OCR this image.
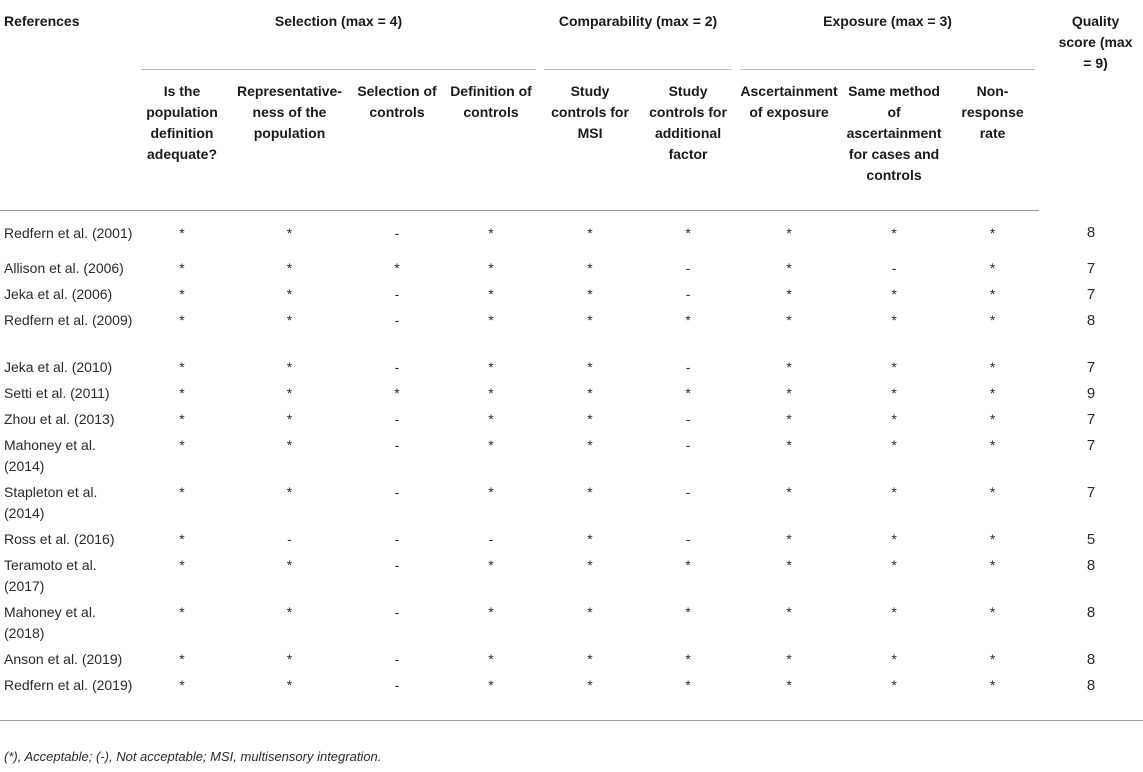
References	Selection (max = 4)				Comparability (max = 2)		Exposure (max = 3)			Quality score (max = 9)

	Is the population definition adequate?	Representative-ness of the population	Selection of controls	Definition of controls	Study controls for MSI	Study controls for additional factor	Ascertainment of exposure	Same method of ascertainment for cases and controls	Non-response rate	
Redfern et al. (2001)	*	*	-	*	*	*	*	*	*	8
Allison et al. (2006)	*	*	*	*	*	-	*	-	*	7
Jeka et al. (2006)	*	*	-	*	*	-	*	*	*	7
Redfern et al. (2009)	*	*	-	*	*	*	*	*	*	8
Jeka et al. (2010)	*	*	-	*	*	-	*	*	*	7
Setti et al. (2011)	*	*	*	*	*	*	*	*	*	9
Zhou et al. (2013)	*	*	-	*	*	-	*	*	*	7
Mahoney et al. (2014)	*	*	-	*	*	-	*	*	*	7
Stapleton et al. (2014)	*	*	-	*	*	-	*	*	*	7
Ross et al. (2016)	*	-	-	-	*	-	*	*	*	5
Teramoto et al. (2017)	*	*	-	*	*	*	*	*	*	8
Mahoney et al. (2018)	*	*	-	*	*	*	*	*	*	8
Anson et al. (2019)	*	*	-	*	*	*	*	*	*	8
Redfern et al. (2019)	*	*	-	*	*	*	*	*	*	8
(*), Acceptable; (-), Not acceptable; MSI, multisensory integration.
